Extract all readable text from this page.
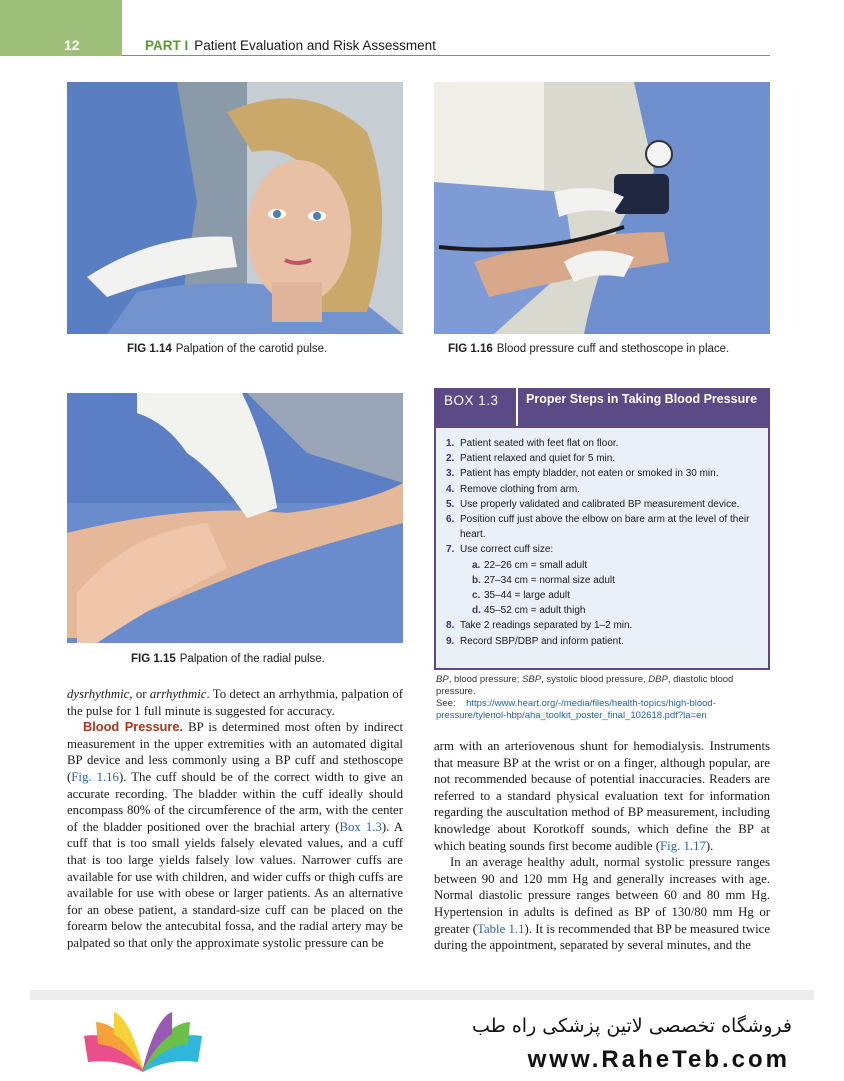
12	PART I Patient Evaluation and Risk Assessment
FIG 1.14 Palpation of the carotid pulse.	FIG 1.16 Blood pressure cuff and stethoscope in place.
FIG 1.15 Palpation of the radial pulse.
BOX 1.3 Proper Steps in Taking Blood Pressure
1. Patient seated with feet flat on floor.
2. Patient relaxed and quiet for 5 min.
3. Patient has empty bladder, not eaten or smoked in 30 min.
4. Remove clothing from arm.
5. Use properly validated and calibrated BP measurement device.
6. Position cuff just above the elbow on bare arm at the level of their heart.
7. Use correct cuff size:
a. 22–26 cm = small adult
b. 27–34 cm = normal size adult
c. 35–44 = large adult
d. 45–52 cm = adult thigh
8. Take 2 readings separated by 1–2 min.
9. Record SBP/DBP and inform patient.
BP, blood pressure; SBP, systolic blood pressure, DBP, diastolic blood pressure.
See: https://www.heart.org/-/media/files/health-topics/high-blood-pressure/tylenol-hbp/aha_toolkit_poster_final_102618.pdf?la=en

dysrhythmic, or arrhythmic. To detect an arrhythmia, palpation of the pulse for 1 full minute is suggested for accuracy.

Blood Pressure. BP is determined most often by indirect measurement in the upper extremities with an automated digital BP device and less commonly using a BP cuff and stethoscope (Fig. 1.16). The cuff should be of the correct width to give an accurate recording. The bladder within the cuff ideally should encompass 80% of the circumference of the arm, with the center of the bladder positioned over the brachial artery (Box 1.3). A cuff that is too small yields falsely elevated values, and a cuff that is too large yields falsely low values. Narrower cuffs are available for use with children, and wider cuffs or thigh cuffs are available for use with obese or larger patients. As an alternative for an obese patient, a standard-size cuff can be placed on the forearm below the antecubital fossa, and the radial artery may be palpated so that only the approximate systolic pressure can be

arm with an arteriovenous shunt for hemodialysis. Instruments that measure BP at the wrist or on a finger, although popular, are not recommended because of potential inaccuracies. Readers are referred to a standard physical evaluation text for information regarding the auscultation method of BP measurement, including knowledge about Korotkoff sounds, which define the BP at which beating sounds first become audible (Fig. 1.17).

In an average healthy adult, normal systolic pressure ranges between 90 and 120 mm Hg and generally increases with age. Normal diastolic pressure ranges between 60 and 80 mm Hg. Hypertension in adults is defined as BP of 130/80 mm Hg or greater (Table 1.1). It is recommended that BP be measured twice during the appointment, separated by several minutes, and the

فروشگاه تخصصی لاتین پزشکی راه طب
www.RaheTeb.com
